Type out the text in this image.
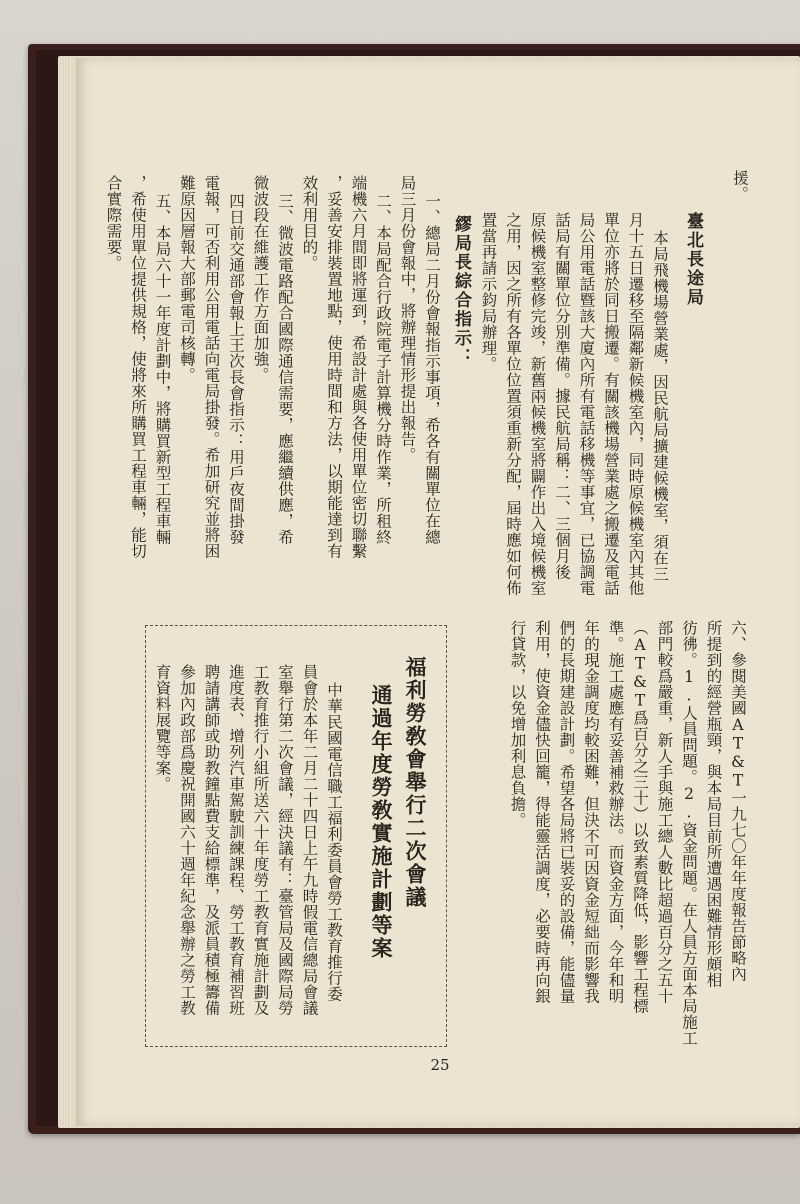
援。
臺北長途局
本局飛機場營業處，因民航局擴建候機室，須在三
月十五日遷移至隔鄰新候機室內，同時原候機室內其他
單位亦將於同日搬遷。有關該機場營業處之搬遷及電話
局公用電話暨該大廈內所有電話移機等事宜，已協調電
話局有關單位分別準備。據民航局稱：二、三個月後
原候機室整修完竣，新舊兩候機室將闢作出入境候機室
之用，因之所有各單位位置須重新分配，屆時應如何佈
置當再請示鈞局辦理。
繆局長綜合指示：
一、總局二月份會報指示事項，希各有關單位在總
局三月份會報中，將辦理情形提出報告。
二、本局配合行政院電子計算機分時作業，所租終
端機六月間即將運到，希設計處與各使用單位密切聯繫
，妥善安排裝置地點，使用時間和方法，以期能達到有
效利用目的。
三、微波電路配合國際通信需要，應繼續供應，希
微波段在維護工作方面加強。
四日前交通部會報上王次長會指示：用戶夜間掛發
電報，可否利用公用電話向電局掛發。希加研究並將困
難原因層報大部郵電司核轉。
五、本局六十一年度計劃中，將購買新型工程車輛
，希使用單位提供規格，使將來所購買工程車輛，能切
合實際需要。
六、參閱美國AT&T一九七〇年年度報告節略內
所提到的經營瓶頸，與本局目前所遭遇困難情形頗相
彷彿。1.人員問題。2.資金問題。在人員方面本局施工
部門較爲嚴重，新人手與施工總人數比超過百分之五十
（AT&T爲百分之三十）以致素質降低，影響工程標
準。施工處應有妥善補救辦法。而資金方面，今年和明
年的現金調度均較困難，但決不可因資金短絀而影響我
們的長期建設計劃。希望各局將已裝妥的設備，能儘量
利用，使資金儘快回籠，得能靈活調度，必要時再向銀
行貸款，以免增加利息負擔。
福利勞敎會舉行二次會議
通過年度勞敎實施計劃等案
中華民國電信職工福利委員會勞工教育推行委
員會於本年二月二十四日上午九時假電信總局會議
室舉行第二次會議，經決議有：臺管局及國際局勞
工教育推行小組所送六十年度勞工教育實施計劃及
進度表、增列汽車駕駛訓練課程、勞工教育補習班
聘請講師或助教鐘點費支給標準，及派員積極籌備
參加內政部爲慶祝開國六十週年紀念舉辦之勞工教
育資料展覽等案。
25
